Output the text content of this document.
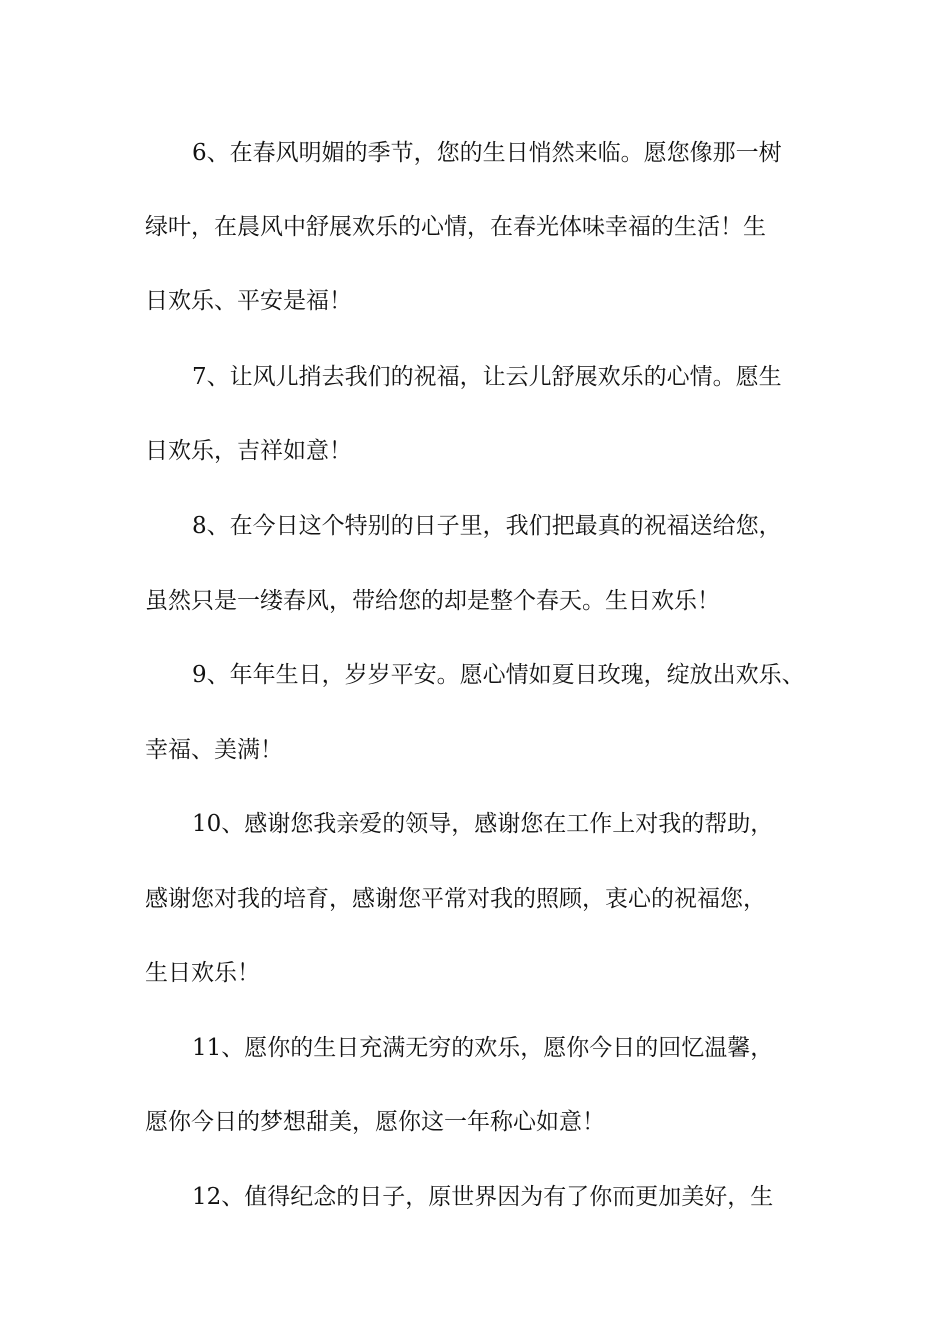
6、在春风明媚的季节，您的生日悄然来临。愿您像那一树
绿叶，在晨风中舒展欢乐的心情，在春光体味幸福的生活！生
日欢乐、平安是福！
7、让风儿捎去我们的祝福，让云儿舒展欢乐的心情。愿生
日欢乐，吉祥如意！
8、在今日这个特别的日子里，我们把最真的祝福送给您，
虽然只是一缕春风，带给您的却是整个春天。生日欢乐！
9、年年生日，岁岁平安。愿心情如夏日玫瑰，绽放出欢乐、
幸福、美满！
10、感谢您我亲爱的领导，感谢您在工作上对我的帮助，
感谢您对我的培育，感谢您平常对我的照顾，衷心的祝福您，
生日欢乐！
11、愿你的生日充满无穷的欢乐，愿你今日的回忆温馨，
愿你今日的梦想甜美，愿你这一年称心如意！
12、值得纪念的日子，原世界因为有了你而更加美好，生
